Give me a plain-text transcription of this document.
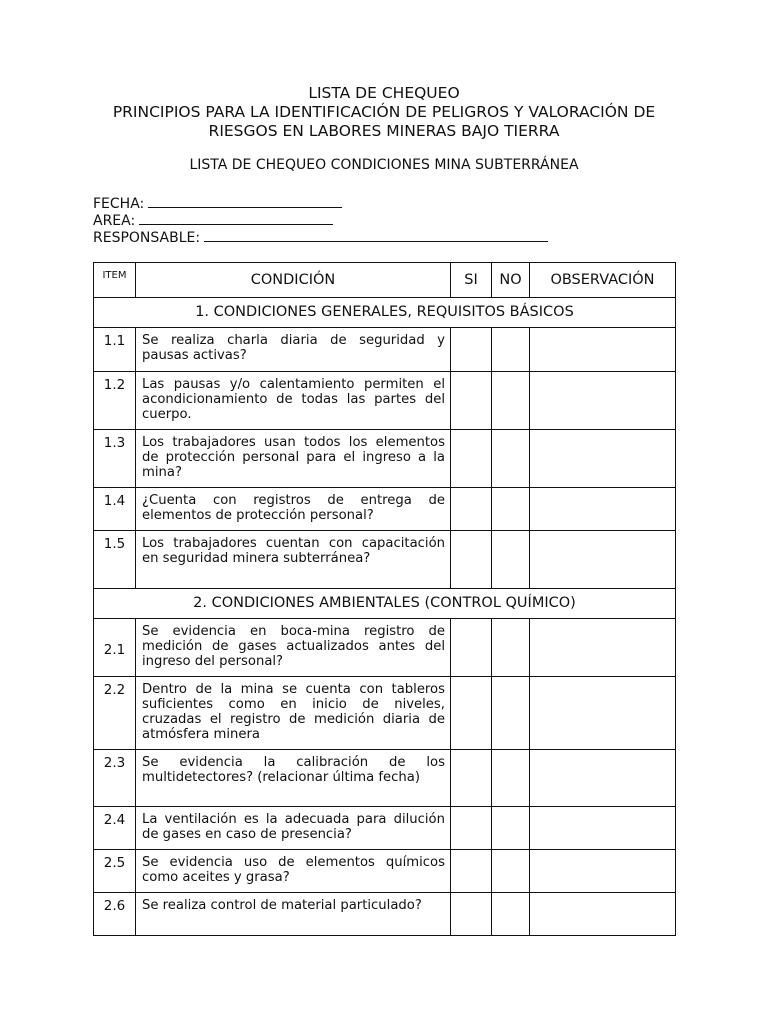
LISTA DE CHEQUEO
PRINCIPIOS PARA LA IDENTIFICACIÓN DE PELIGROS Y VALORACIÓN DE
RIESGOS EN LABORES MINERAS BAJO TIERRA
LISTA DE CHEQUEO CONDICIONES MINA SUBTERRÁNEA
FECHA:
AREA:
RESPONSABLE:
ITEM	CONDICIÓN	SI	NO	OBSERVACIÓN
1. CONDICIONES GENERALES, REQUISITOS BÁSICOS				
1.1	Se realiza charla diaria de seguridad y pausas activas?			
1.2	Las pausas y/o calentamiento permiten el acondicionamiento de todas las partes del cuerpo.			
1.3	Los trabajadores usan todos los elementos de protección personal para el ingreso a la mina?			
1.4	¿Cuenta con registros de entrega de elementos de protección personal?			
1.5	Los trabajadores cuentan con capacitación en seguridad minera subterránea?			
2. CONDICIONES AMBIENTALES (CONTROL QUÍMICO)				
2.1	Se evidencia en boca-mina registro de medición de gases actualizados antes del ingreso del personal?			
2.2	Dentro de la mina se cuenta con tableros suficientes como en inicio de niveles, cruzadas el registro de medición diaria de atmósfera minera			
2.3	Se evidencia la calibración de los multidetectores? (relacionar última fecha)			
2.4	La ventilación es la adecuada para dilución de gases en caso de presencia?			
2.5	Se evidencia uso de elementos químicos como aceites y grasa?			
2.6	Se realiza control de material particulado?			
